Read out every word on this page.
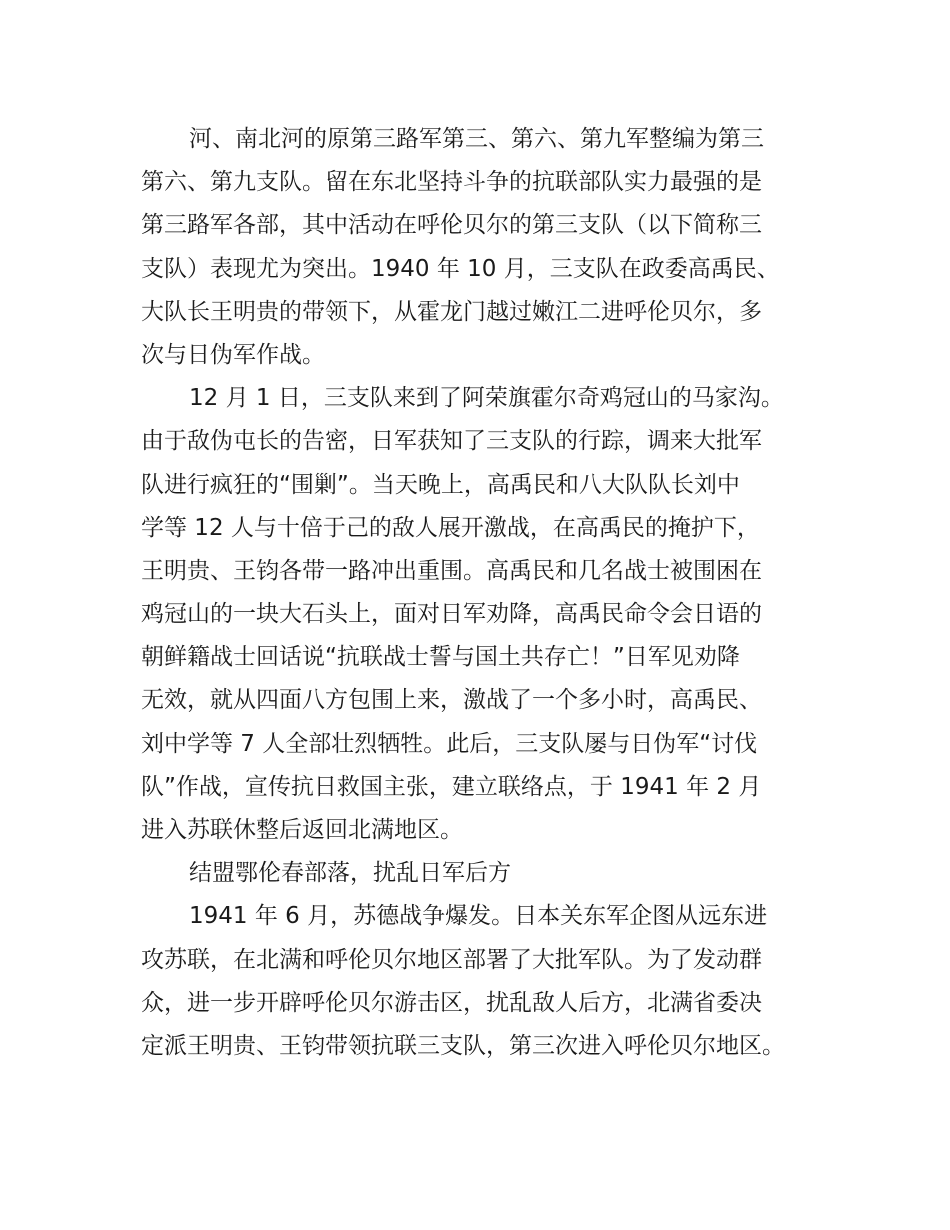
河、南北河的原第三路军第三、第六、第九军整编为第三
第六、第九支队。留在东北坚持斗争的抗联部队实力最强的是
第三路军各部，其中活动在呼伦贝尔的第三支队（以下简称三
支队）表现尤为突出。1940 年 10 月，三支队在政委高禹民、
大队长王明贵的带领下，从霍龙门越过嫩江二进呼伦贝尔，多
次与日伪军作战。
12 月 1 日，三支队来到了阿荣旗霍尔奇鸡冠山的马家沟。
由于敌伪屯长的告密，日军获知了三支队的行踪，调来大批军
队进行疯狂的“围剿”。当天晚上，高禹民和八大队队长刘中
学等 12 人与十倍于己的敌人展开激战，在高禹民的掩护下，
王明贵、王钧各带一路冲出重围。高禹民和几名战士被围困在
鸡冠山的一块大石头上，面对日军劝降，高禹民命令会日语的
朝鲜籍战士回话说“抗联战士誓与国土共存亡！”日军见劝降
无效，就从四面八方包围上来，激战了一个多小时，高禹民、
刘中学等 7 人全部壮烈牺牲。此后，三支队屡与日伪军“讨伐
队”作战，宣传抗日救国主张，建立联络点，于 1941 年 2 月
进入苏联休整后返回北满地区。
结盟鄂伦春部落，扰乱日军后方
1941 年 6 月，苏德战争爆发。日本关东军企图从远东进
攻苏联，在北满和呼伦贝尔地区部署了大批军队。为了发动群
众，进一步开辟呼伦贝尔游击区，扰乱敌人后方，北满省委决
定派王明贵、王钧带领抗联三支队，第三次进入呼伦贝尔地区。
